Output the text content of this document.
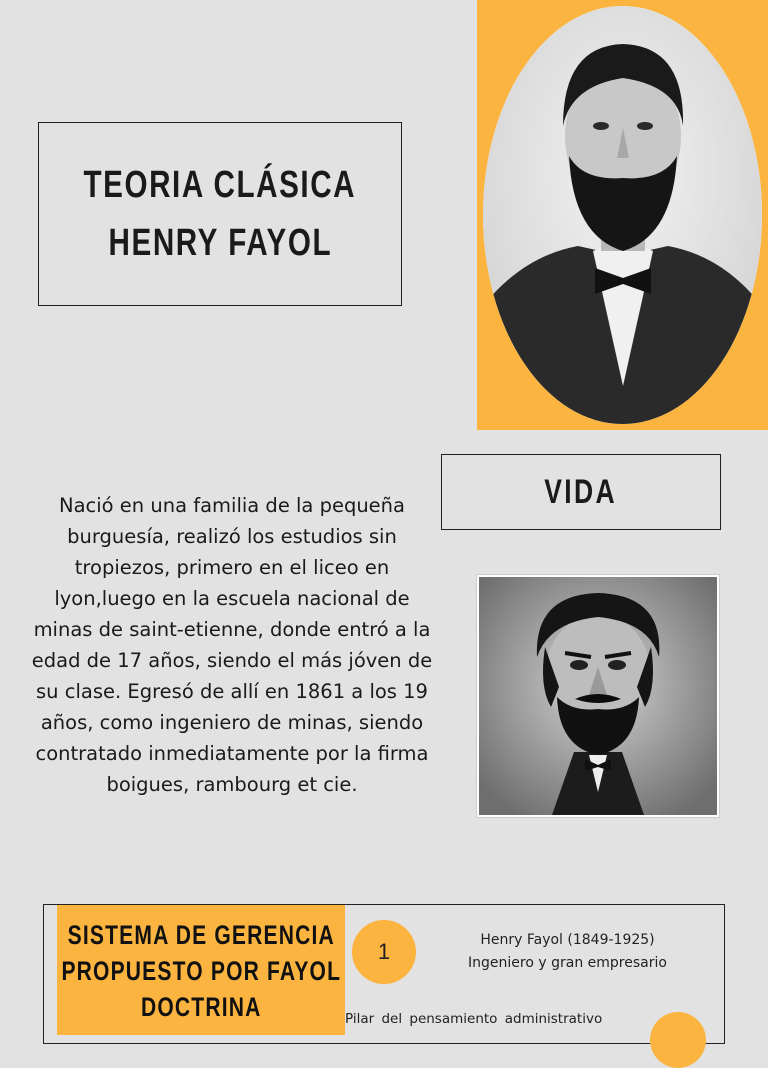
TEORIA CLÁSICA
HENRY FAYOL
VIDA
Nació en una familia de la pequeña burguesía, realizó los estudios sin tropiezos, primero en el liceo en lyon,luego en la escuela nacional de minas de saint-etienne, donde entró a la edad de 17 años, siendo el más jóven de su clase. Egresó de allí en 1861 a los 19 años, como ingeniero de minas, siendo contratado inmediatamente por la firma boigues, rambourg et cie.
SISTEMA DE GERENCIA
PROPUESTO POR FAYOL
DOCTRINA
1	Henry Fayol (1849-1925)
Ingeniero y gran empresario
Pilar del pensamiento administrativo
